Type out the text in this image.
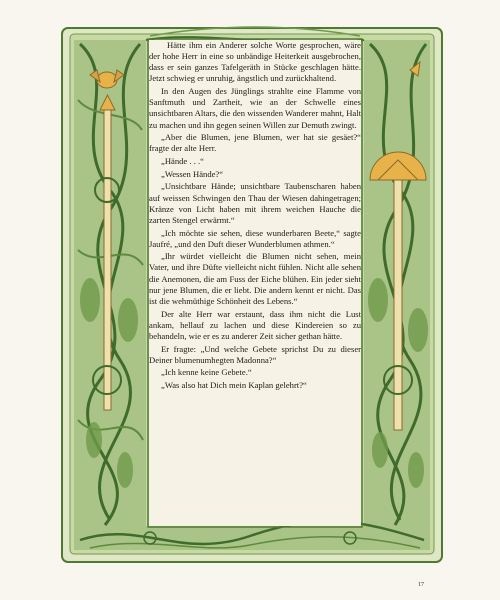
Hätte ihm ein Anderer solche Worte gesprochen, wäre der hohe Herr in eine so unbändige Heiterkeit ausgebrochen, dass er sein ganzes Tafelgeräth in Stücke geschlagen hätte. Jetzt schwieg er unruhig, ängstlich und zurückhaltend.

In den Augen des Jünglings strahlte eine Flamme von Sanftmuth und Zartheit, wie an der Schwelle eines unsichtbaren Altars, die den wissenden Wanderer mahnt, Halt zu machen und ihn gegen seinen Willen zur Demuth zwingt.

„Aber die Blumen, jene Blumen, wer hat sie gesäet?“ fragte der alte Herr.

„Hände . . .“

„Wessen Hände?“

„Unsichtbare Hände; unsichtbare Taubenscharen haben auf weissen Schwingen den Thau der Wiesen dahingetragen; Kränze von Licht haben mit ihrem weichen Hauche die zarten Stengel erwärmt.“

„Ich möchte sie sehen, diese wunderbaren Beete,“ sagte Jaufré, „und den Duft dieser Wunderblumen athmen.“

„Ihr würdet vielleicht die Blumen nicht sehen, mein Vater, und ihre Düfte vielleicht nicht fühlen. Nicht alle sehen die Anemonen, die am Fuss der Eiche blühen. Ein jeder sieht nur jene Blumen, die er liebt. Die andern kennt er nicht. Das ist die wehmüthige Schönheit des Lebens.“

Der alte Herr war erstaunt, dass ihm nicht die Lust ankam, hellauf zu lachen und diese Kindereien so zu behandeln, wie er es zu anderer Zeit sicher gethan hätte.

Er fragte: „Und welche Gebete sprichst Du zu dieser Deiner blumenumhegten Madonna?“

„Ich kenne keine Gebete.“

„Was also hat Dich mein Kaplan gelehrt?“

17
